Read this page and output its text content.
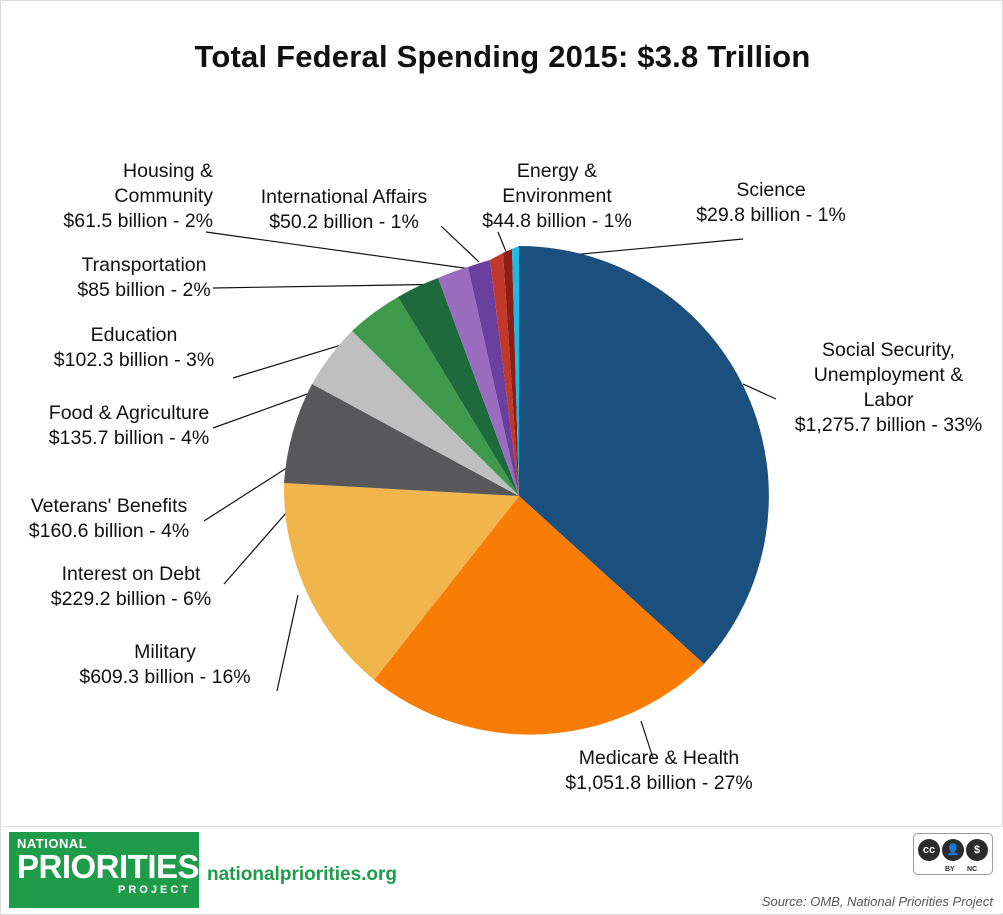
Total Federal Spending 2015: $3.8 Trillion
Housing &
Community
$61.5 billion - 2%
International Affairs
$50.2 billion - 1%
Energy &
Environment
$44.8 billion - 1%
Science
$29.8 billion - 1%
Transportation
$85 billion - 2%
Education
$102.3 billion - 3%
Food & Agriculture
$135.7 billion - 4%
Veterans' Benefits
$160.6 billion - 4%
Interest on Debt
$229.2 billion - 6%
Military
$609.3 billion - 16%
Medicare & Health
$1,051.8 billion - 27%
Social Security,
Unemployment &
Labor
$1,275.7 billion - 33%
NATIONAL
PRIORITIES
PROJECT
nationalpriorities.org
Source: OMB, National Priorities Project
cc	👤	$
BY NC
